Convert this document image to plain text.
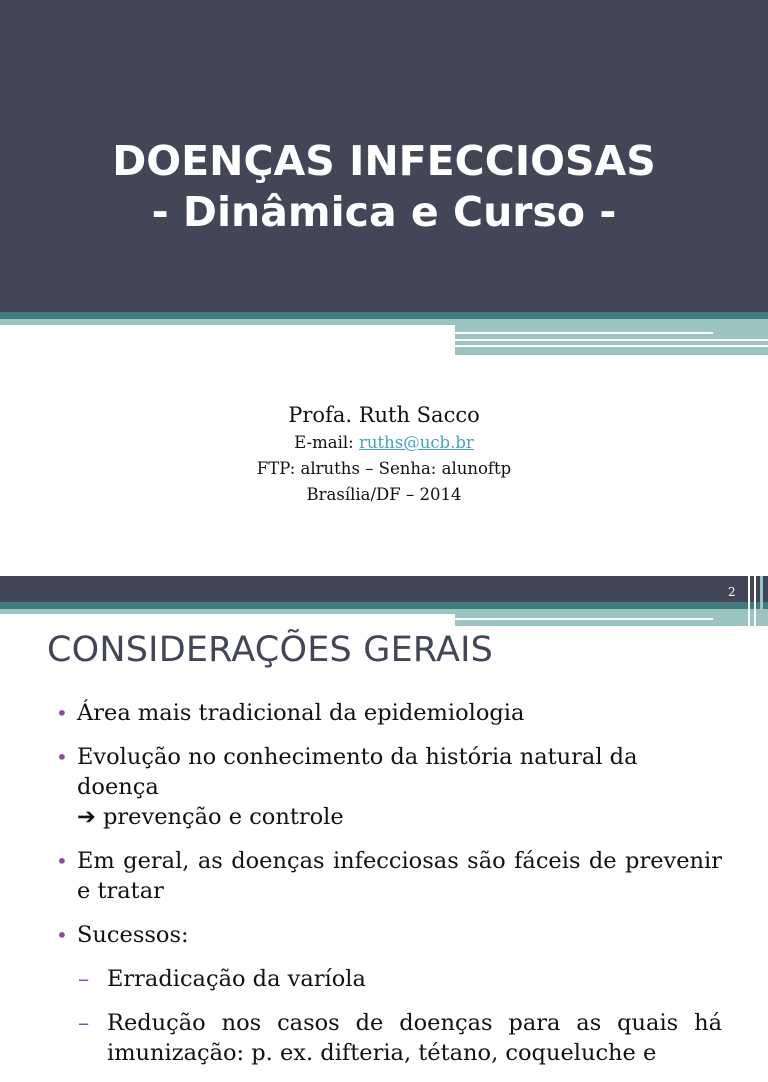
DOENÇAS INFECCIOSAS
- Dinâmica e Curso -
Profa. Ruth Sacco
E-mail: ruths@ucb.br
FTP: alruths – Senha: alunoftp
Brasília/DF – 2014
2
CONSIDERAÇÕES GERAIS
• Área mais tradicional da epidemiologia
• Evolução no conhecimento da história natural da doença
➔ prevenção e controle
• Em geral, as doenças infecciosas são fáceis de prevenir e tratar
• Sucessos:
– Erradicação da varíola
– Redução nos casos de doenças para as quais há imunização: p. ex. difteria, tétano, coqueluche e
